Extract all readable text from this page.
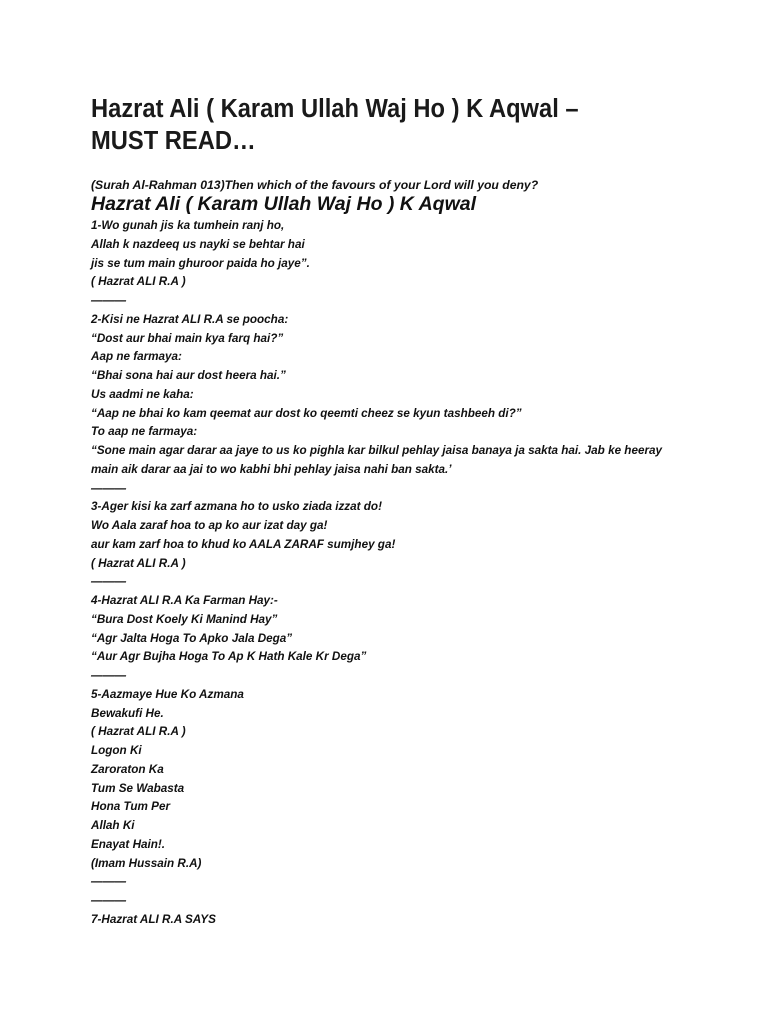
Hazrat Ali ( Karam Ullah Waj Ho ) K Aqwal – MUST READ…

(Surah Al-Rahman 013)Then which of the favours of your Lord will you deny?

Hazrat Ali ( Karam Ullah Waj Ho ) K Aqwal
1-Wo gunah jis ka tumhein ranj ho,
Allah k nazdeeq us nayki se behtar hai
jis se tum main ghuroor paida ho jaye”.
( Hazrat ALI R.A )
———
2-Kisi ne Hazrat ALI R.A se poocha:
“Dost aur bhai main kya farq hai?”
Aap ne farmaya:
“Bhai sona hai aur dost heera hai.”
Us aadmi ne kaha:
“Aap ne bhai ko kam qeemat aur dost ko qeemti cheez se kyun tashbeeh di?”
To aap ne farmaya:
“Sone main agar darar aa jaye to us ko pighla kar bilkul pehlay jaisa banaya ja sakta hai. Jab ke heeray
main aik darar aa jai to wo kabhi bhi pehlay jaisa nahi ban sakta.’
———
3-Ager kisi ka zarf azmana ho to usko ziada izzat do!
Wo Aala zaraf hoa to ap ko aur izat day ga!
aur kam zarf hoa to khud ko AALA ZARAF sumjhey ga!
( Hazrat ALI R.A )
———
4-Hazrat ALI R.A Ka Farman Hay:-
“Bura Dost Koely Ki Manind Hay”
“Agr Jalta Hoga To Apko Jala Dega”
“Aur Agr Bujha Hoga To Ap K Hath Kale Kr Dega”
———
5-Aazmaye Hue Ko Azmana
Bewakufi He.
( Hazrat ALI R.A )
Logon Ki
Zaroraton Ka
Tum Se Wabasta
Hona Tum Per
Allah Ki
Enayat Hain!.
(Imam Hussain R.A)
———
———
7-Hazrat ALI R.A SAYS
